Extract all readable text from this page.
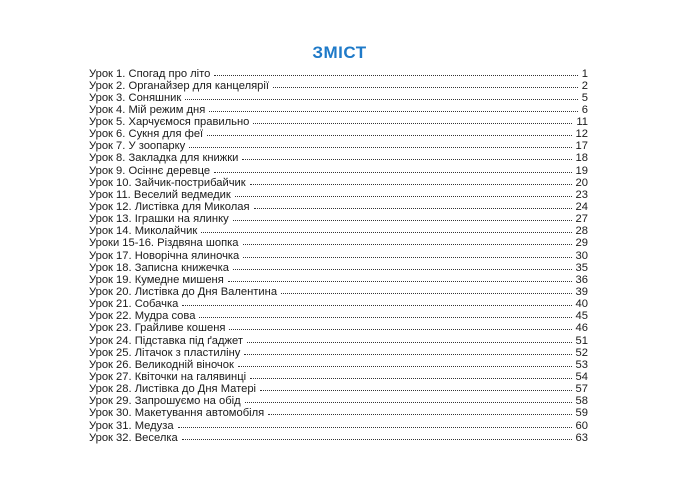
ЗМІСТ
Урок 1. Спогад про літо	1
Урок 2. Органайзер для канцелярії	2
Урок 3. Соняшник	5
Урок 4. Мій режим дня	6
Урок 5. Харчуємося правильно	11
Урок 6. Сукня для феї	12
Урок 7. У зоопарку	17
Урок 8. Закладка для книжки	18
Урок 9. Осіннє деревце	19
Урок 10. Зайчик-пострибайчик	20
Урок 11. Веселий ведмедик	23
Урок 12. Листівка для Миколая	24
Урок 13. Іграшки на ялинку	27
Урок 14. Миколайчик	28
Уроки 15-16. Різдвяна шопка	29
Урок 17. Новорічна ялиночка	30
Урок 18. Записна книжечка	35
Урок 19. Кумедне мишеня	36
Урок 20. Листівка до Дня Валентина	39
Урок 21. Собачка	40
Урок 22. Мудра сова	45
Урок 23. Грайливе кошеня	46
Урок 24. Підставка під ґаджет	51
Урок 25. Літачок з пластиліну	52
Урок 26. Великодній віночок	53
Урок 27. Квіточки на галявинці	54
Урок 28. Листівка до Дня Матері	57
Урок 29. Запрошуємо на обід	58
Урок 30. Макетування автомобіля	59
Урок 31. Медуза	60
Урок 32. Веселка	63
